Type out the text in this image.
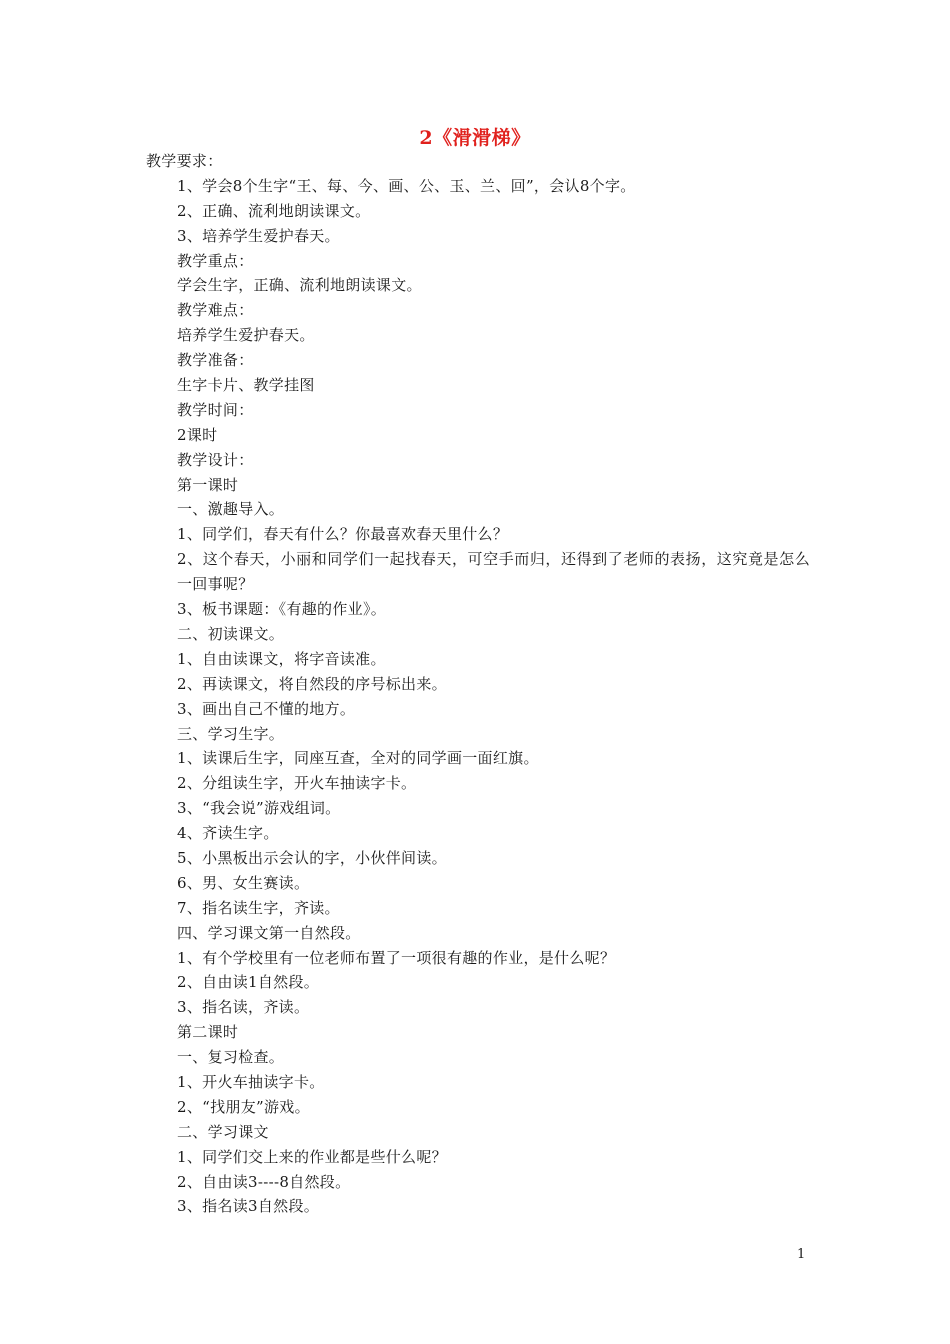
2《滑滑梯》
教学要求：
1、学会8个生字“王、每、今、画、公、玉、兰、回”，会认8个字。
2、正确、流利地朗读课文。
3、培养学生爱护春天。
教学重点：
学会生字，正确、流利地朗读课文。
教学难点：
培养学生爱护春天。
教学准备：
生字卡片、教学挂图
教学时间：
2课时
教学设计：
第一课时
一、激趣导入。
1、同学们，春天有什么？你最喜欢春天里什么？
2、这个春天，小丽和同学们一起找春天，可空手而归，还得到了老师的表扬，这究竟是怎么一回事呢？
3、板书课题：《有趣的作业》。
二、初读课文。
1、自由读课文，将字音读准。
2、再读课文，将自然段的序号标出来。
3、画出自己不懂的地方。
三、学习生字。
1、读课后生字，同座互查，全对的同学画一面红旗。
2、分组读生字，开火车抽读字卡。
3、“我会说”游戏组词。
4、齐读生字。
5、小黑板出示会认的字，小伙伴间读。
6、男、女生赛读。
7、指名读生字，齐读。
四、学习课文第一自然段。
1、有个学校里有一位老师布置了一项很有趣的作业，是什么呢？
2、自由读1自然段。
3、指名读，齐读。
第二课时
一、复习检查。
1、开火车抽读字卡。
2、“找朋友”游戏。
二、学习课文
1、同学们交上来的作业都是些什么呢？
2、自由读3----8自然段。
3、指名读3自然段。
1
